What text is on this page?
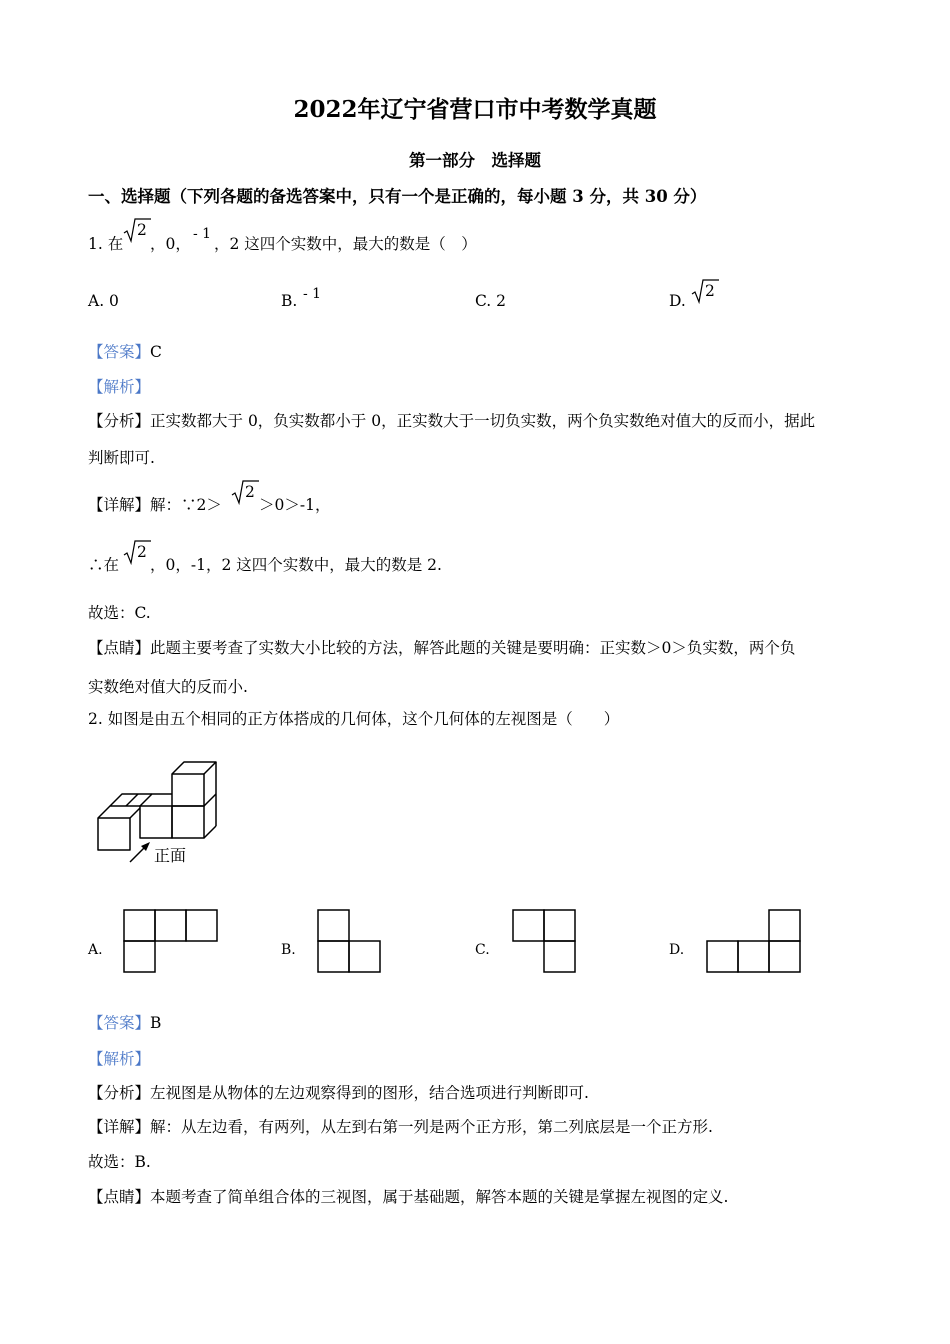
2022年辽宁省营口市中考数学真题
第一部分　选择题
一、选择题（下列各题的备选答案中，只有一个是正确的，每小题 3 分，共 30 分）
1. 在
2
，0，
- 1
，2 这四个实数中，最大的数是（　）
A. 0	B. - 1	C. 2	D.
2
【答案】C
【解析】
【分析】正实数都大于 0，负实数都小于 0，正实数大于一切负实数，两个负实数绝对值大的反而小，据此
判断即可.
【详解】解：∵2＞
2
＞0＞-1，
∴在
2
，0，-1，2 这四个实数中，最大的数是 2.
故选：C.
【点睛】此题主要考查了实数大小比较的方法，解答此题的关键是要明确：正实数＞0＞负实数，两个负
实数绝对值大的反而小.
2. 如图是由五个相同的正方体搭成的几何体，这个几何体的左视图是（　　）
正面
A.	B.	C.	D.
【答案】B
【解析】
【分析】左视图是从物体的左边观察得到的图形，结合选项进行判断即可.
【详解】解：从左边看，有两列，从左到右第一列是两个正方形，第二列底层是一个正方形.
故选：B.
【点睛】本题考查了简单组合体的三视图，属于基础题，解答本题的关键是掌握左视图的定义.
